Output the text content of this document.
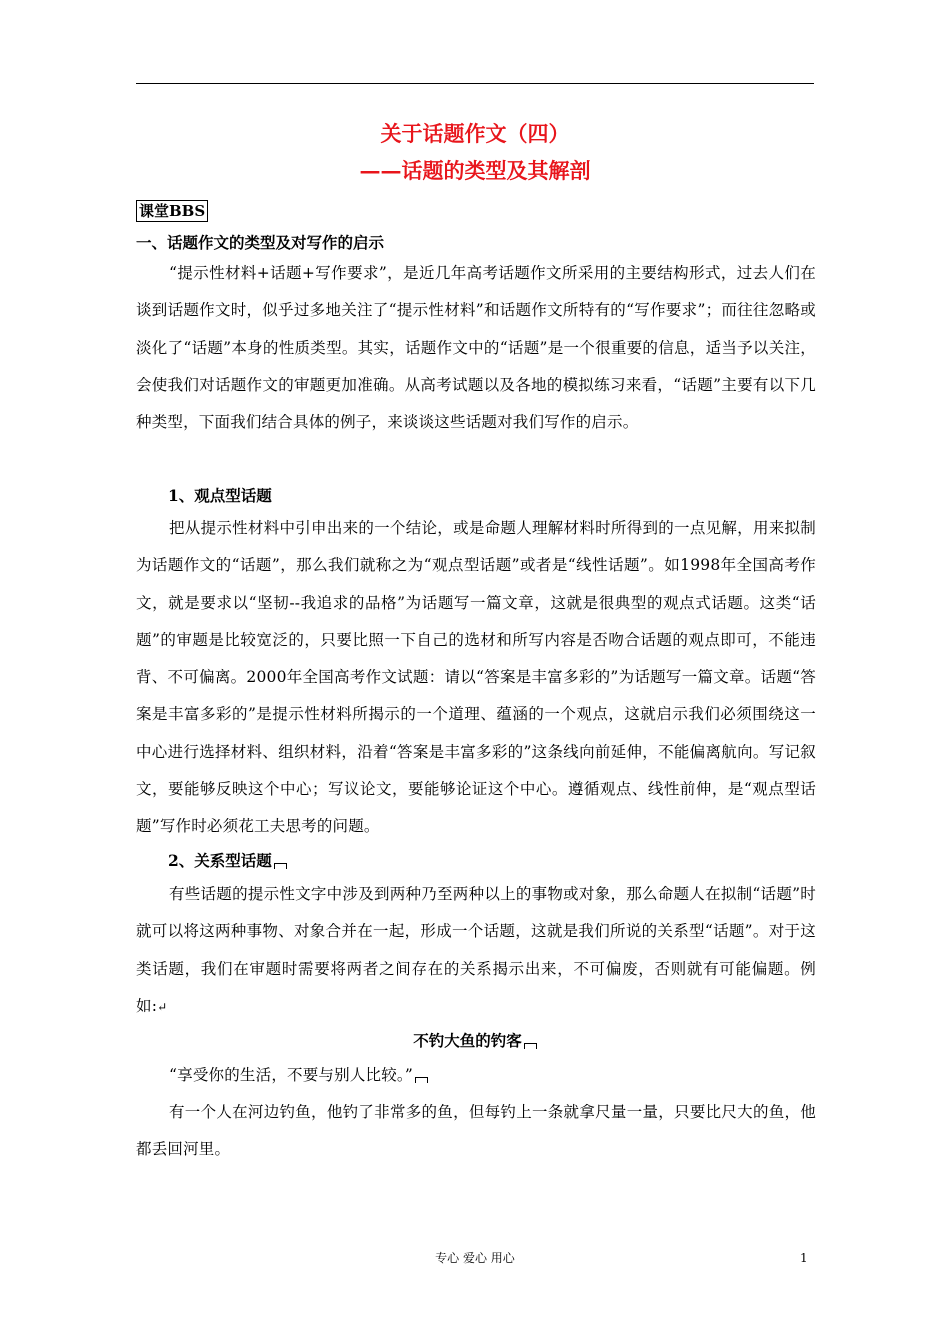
关于话题作文（四）
——话题的类型及其解剖
课堂BBS
一、话题作文的类型及对写作的启示
“提示性材料+话题+写作要求”，是近几年高考话题作文所采用的主要结构形式，过去人们在谈到话题作文时，似乎过多地关注了“提示性材料”和话题作文所特有的“写作要求”；而往往忽略或淡化了“话题”本身的性质类型。其实，话题作文中的“话题”是一个很重要的信息，适当予以关注，会使我们对话题作文的审题更加准确。从高考试题以及各地的模拟练习来看，“话题”主要有以下几种类型，下面我们结合具体的例子，来谈谈这些话题对我们写作的启示。
1、观点型话题
把从提示性材料中引申出来的一个结论，或是命题人理解材料时所得到的一点见解，用来拟制为话题作文的“话题”，那么我们就称之为“观点型话题”或者是“线性话题”。如1998年全国高考作文，就是要求以“坚韧--我追求的品格”为话题写一篇文章，这就是很典型的观点式话题。这类“话题”的审题是比较宽泛的，只要比照一下自己的选材和所写内容是否吻合话题的观点即可，不能违背、不可偏离。2000年全国高考作文试题：请以“答案是丰富多彩的”为话题写一篇文章。话题“答案是丰富多彩的”是提示性材料所揭示的一个道理、蕴涵的一个观点，这就启示我们必须围绕这一中心进行选择材料、组织材料，沿着“答案是丰富多彩的”这条线向前延伸，不能偏离航向。写记叙文，要能够反映这个中心；写议论文，要能够论证这个中心。遵循观点、线性前伸，是“观点型话题”写作时必须花工夫思考的问题。
2、关系型话题
有些话题的提示性文字中涉及到两种乃至两种以上的事物或对象，那么命题人在拟制“话题”时就可以将这两种事物、对象合并在一起，形成一个话题，这就是我们所说的关系型“话题”。对于这类话题，我们在审题时需要将两者之间存在的关系揭示出来，不可偏废，否则就有可能偏题。例如:↵
不钓大鱼的钓客
“享受你的生活，不要与别人比较。”
有一个人在河边钓鱼，他钓了非常多的鱼，但每钓上一条就拿尺量一量，只要比尺大的鱼，他都丢回河里。
专心 爱心 用心	1
